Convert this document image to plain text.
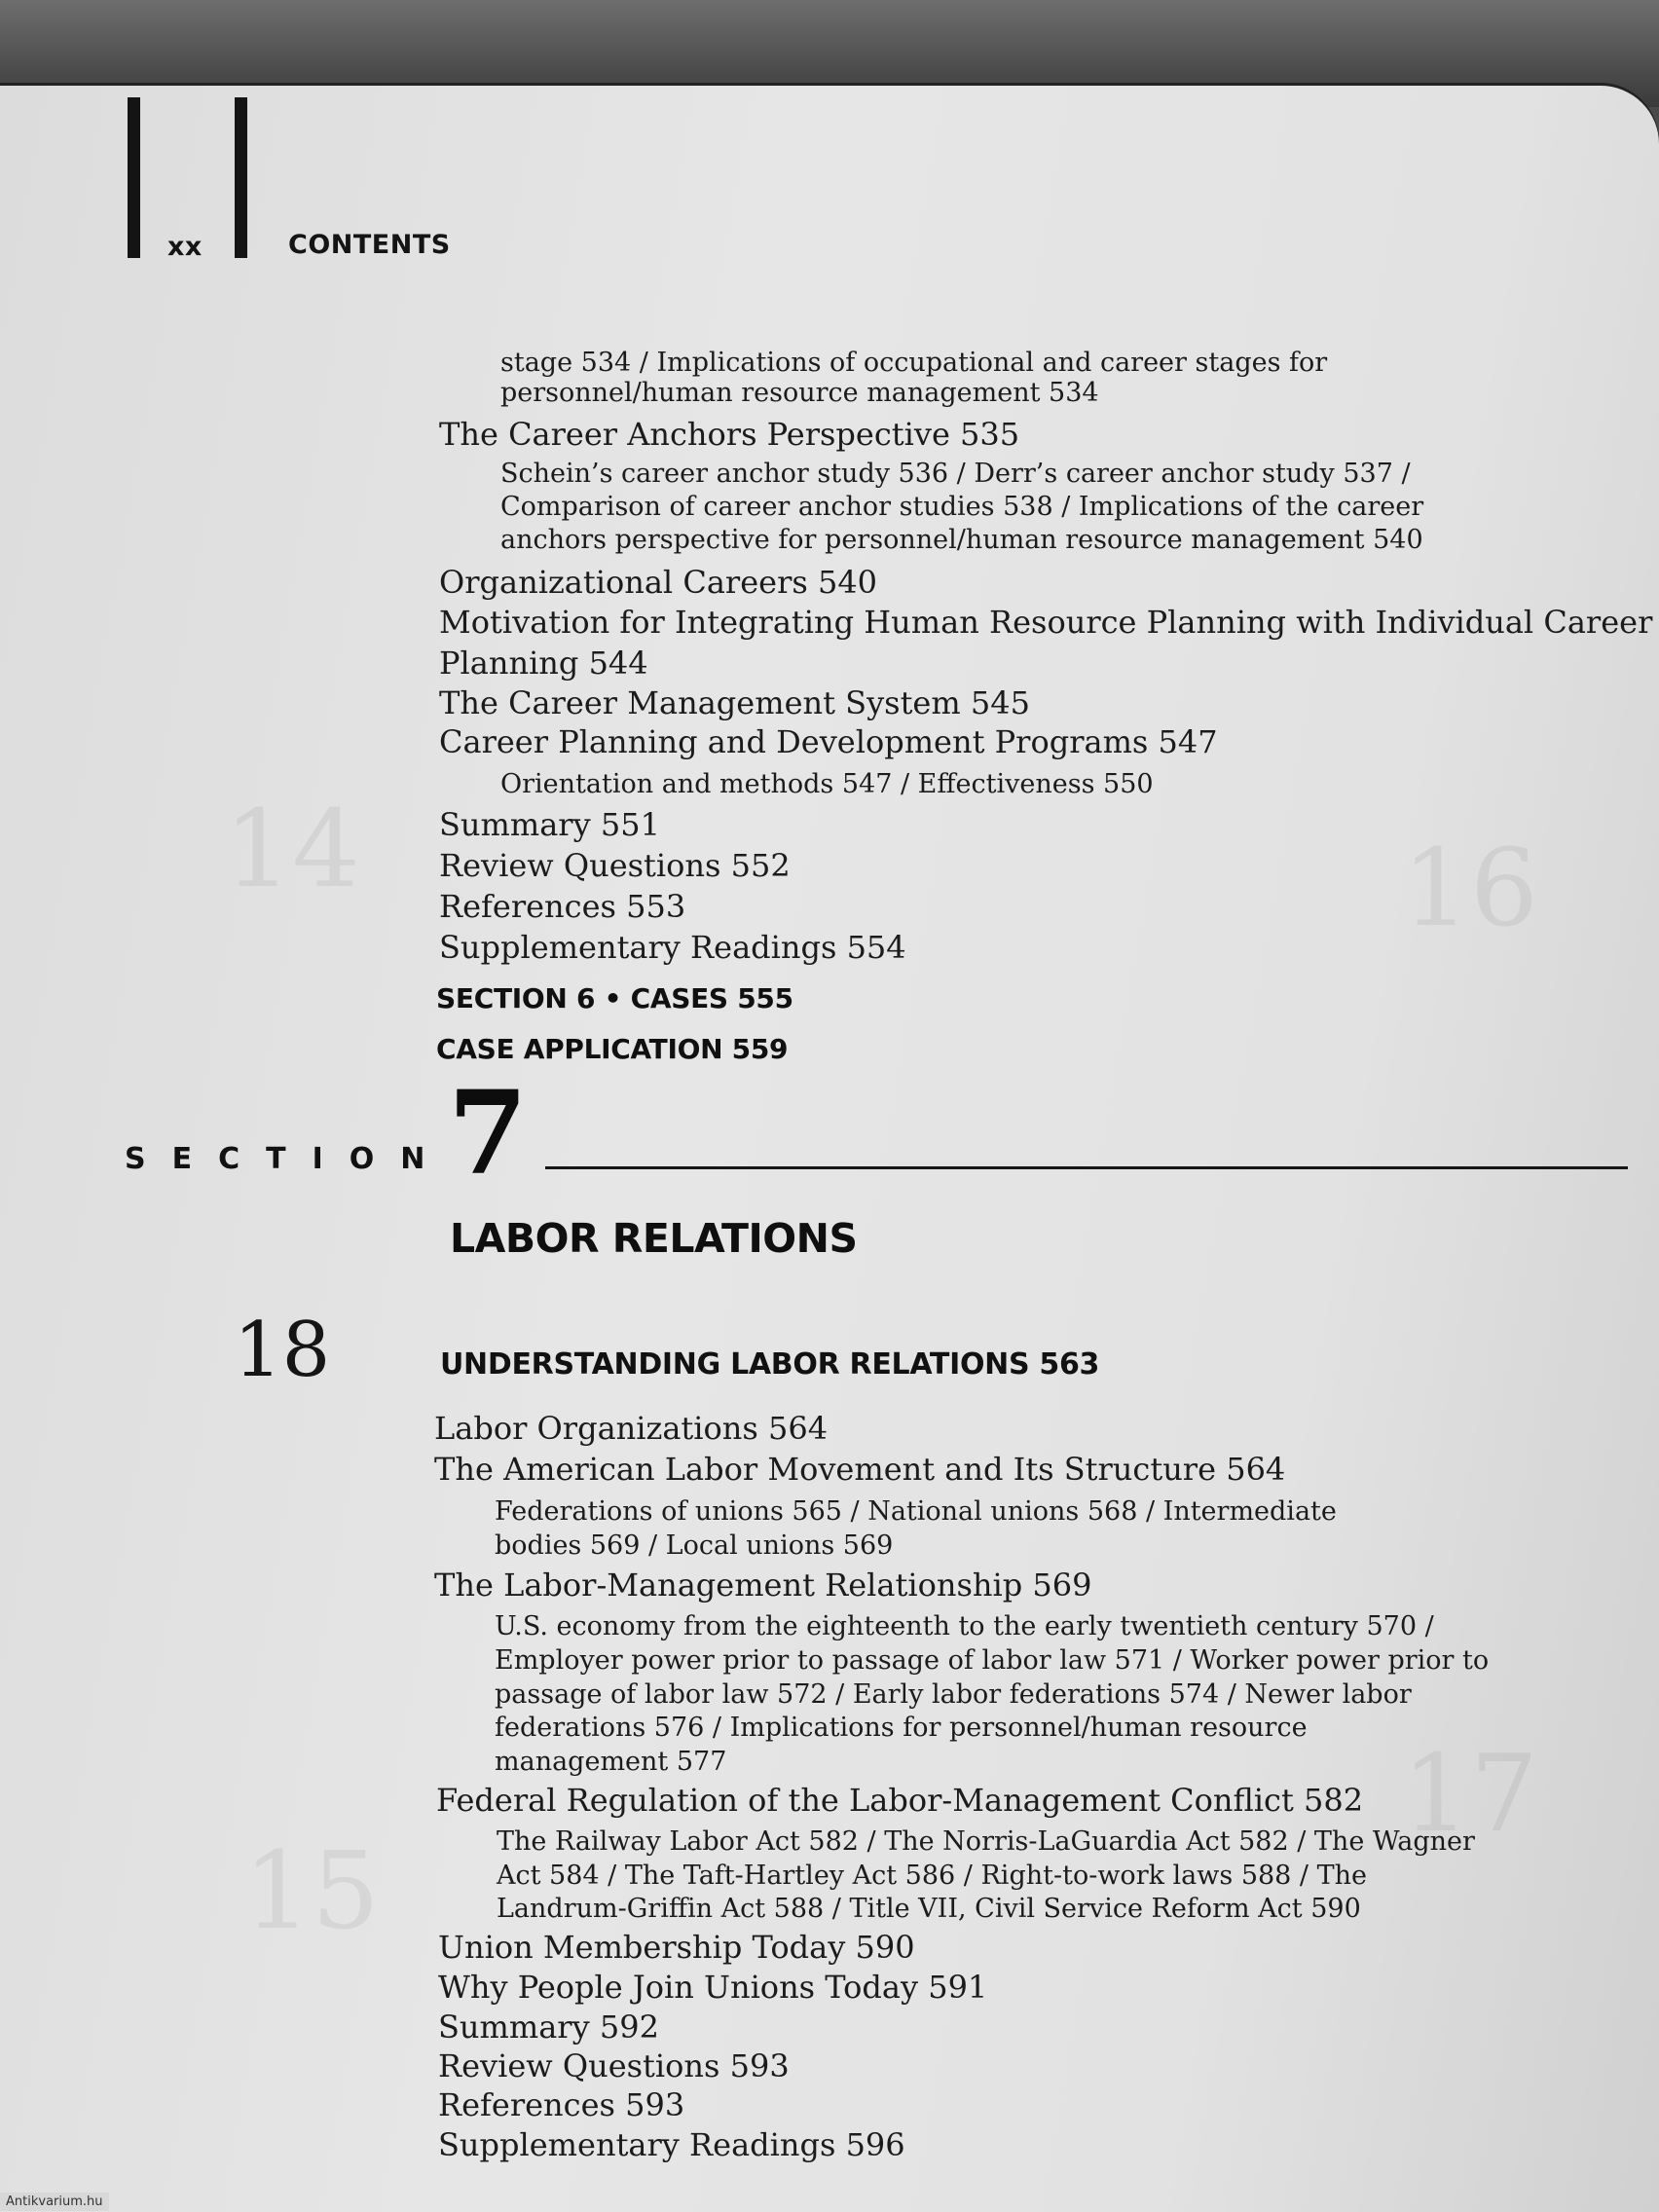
16
14
17
15
xx	CONTENTS
stage 534 / Implications of occupational and career stages for
personnel/human resource management 534
The Career Anchors Perspective 535
Schein’s career anchor study 536 / Derr’s career anchor study 537 /
Comparison of career anchor studies 538 / Implications of the career
anchors perspective for personnel/human resource management 540
Organizational Careers 540
Motivation for Integrating Human Resource Planning with Individual Career
Planning 544
The Career Management System 545
Career Planning and Development Programs 547
Orientation and methods 547 / Effectiveness 550
Summary 551
Review Questions 552
References 553
Supplementary Readings 554
SECTION 6 • CASES 555
CASE APPLICATION 559
SECTION
7
LABOR RELATIONS
18	UNDERSTANDING LABOR RELATIONS 563
Labor Organizations 564
The American Labor Movement and Its Structure 564
Federations of unions 565 / National unions 568 / Intermediate
bodies 569 / Local unions 569
The Labor-Management Relationship 569
U.S. economy from the eighteenth to the early twentieth century 570 /
Employer power prior to passage of labor law 571 / Worker power prior to
passage of labor law 572 / Early labor federations 574 / Newer labor
federations 576 / Implications for personnel/human resource
management 577
Federal Regulation of the Labor-Management Conflict 582
The Railway Labor Act 582 / The Norris-LaGuardia Act 582 / The Wagner
Act 584 / The Taft-Hartley Act 586 / Right-to-work laws 588 / The
Landrum-Griffin Act 588 / Title VII, Civil Service Reform Act 590
Union Membership Today 590
Why People Join Unions Today 591
Summary 592
Review Questions 593
References 593
Supplementary Readings 596
Antikvarium.hu
